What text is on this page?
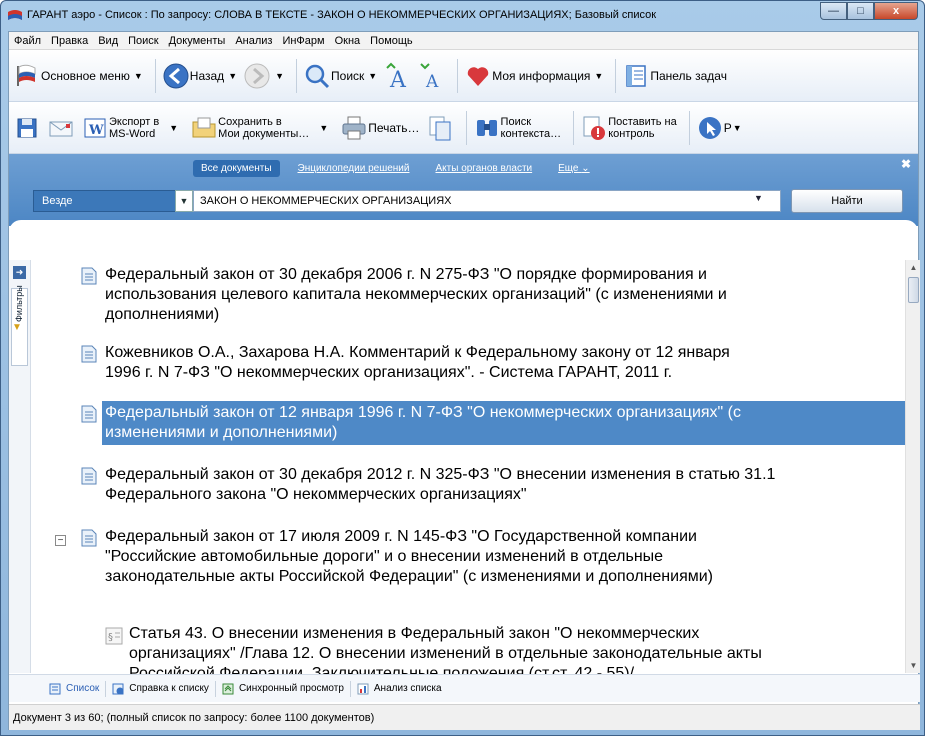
ГАРАНТ аэро - Список : По запросу: СЛОВА В ТЕКСТЕ - ЗАКОН О НЕКОММЕРЧЕСКИХ ОРГАНИЗАЦИЯХ; Базовый список	—	□	x
Файл Правка Вид Поиск Документы Анализ ИнФарм Окна Помощь
Основное меню ▼	Назад ▼	▼	Поиск ▼ A A	Моя информация ▼	Панель задач
W
Экспорт в
MS-Word	▼	Сохранить в
Мои документы… ▼	Печать…	Поиск
контекста…
Поставить на
контроль	Р ▼
Все документы	Энциклопедии решений	Акты органов власти	Еще ⌄	✖
Везде	▼	ЗАКОН О НЕКОММЕРЧЕСКИХ ОРГАНИЗАЦИЯХ	▼	Найти
➜
Фильтры
▼
Федеральный закон от 30 декабря 2006 г. N 275-ФЗ "О порядке формирования и
использования целевого капитала некоммерческих организаций" (с изменениями и
дополнениями)
Кожевников О.А., Захарова Н.А. Комментарий к Федеральному закону от 12 января
1996 г. N 7-ФЗ "О некоммерческих организациях". - Система ГАРАНТ, 2011 г.
Федеральный закон от 12 января 1996 г. N 7-ФЗ "О некоммерческих организациях" (с
изменениями и дополнениями)
Федеральный закон от 30 декабря 2012 г. N 325-ФЗ "О внесении изменения в статью 31.1
Федерального закона "О некоммерческих организациях"
−	Федеральный закон от 17 июля 2009 г. N 145-ФЗ "О Государственной компании
"Российские автомобильные дороги" и о внесении изменений в отдельные
законодательные акты Российской Федерации" (с изменениями и дополнениями)
§ Статья 43. О внесении изменения в Федеральный закон "О некоммерческих
организациях" /Глава 12. О внесении изменений в отдельные законодательные акты
▲
▼
Список	Справка к списку	Синхронный просмотр	Анализ списка
Документ 3 из 60; (полный список по запросу: более 1100 документов)
